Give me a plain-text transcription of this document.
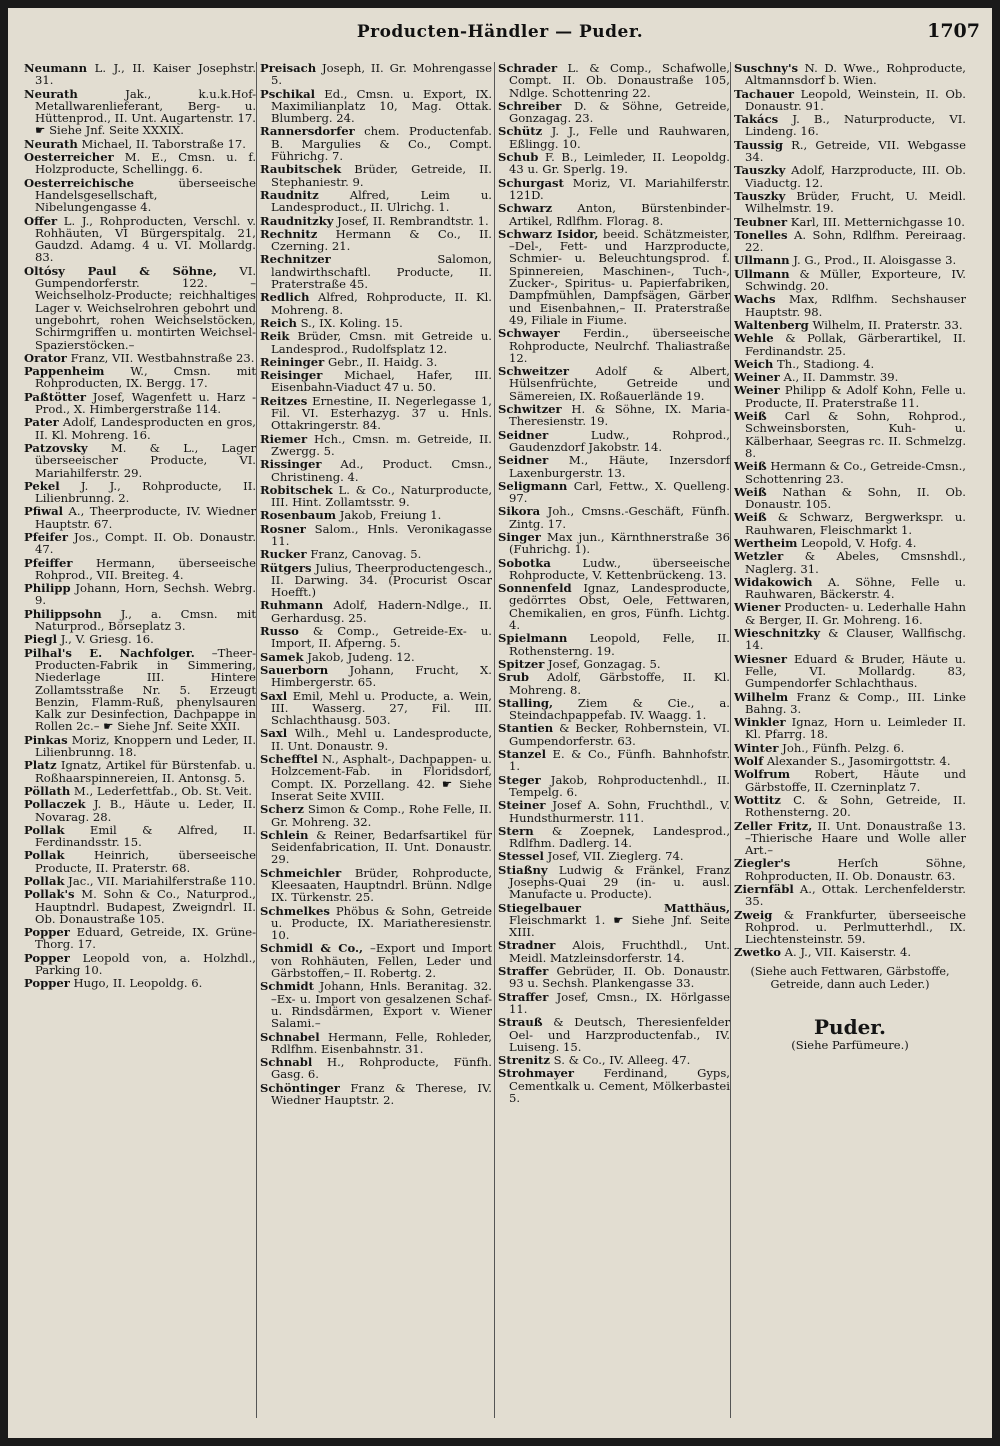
Producten-Händler — Puder.	1707

Neumann L. J., II. Kaiser Josephstr. 31.

Neurath Jak., k.u.k.Hof-Metallwarenlieferant, Berg- u. Hüttenprod., II. Unt. Augartenstr. 17. ☛ Siehe Jnf. Seite XXXIX.

Neurath Michael, II. Taborstraße 17.

Oesterreicher M. E., Cmsn. u. f. Holzproducte, Schellingg. 6.

Oesterreichische überseeische Handelsgesellschaft, Nibelungengasse 4.

Offer L. J., Rohproducten, Verschl. v. Rohhäuten, VI Bürgerspitalg. 21, Gaudzd. Adamg. 4 u. VI. Mollardg. 83.

Oltósy Paul & Söhne, VI. Gumpendorferstr. 122. –Weichselholz-Producte; reichhaltiges Lager v. Weichselrohren gebohrt und ungebohrt, rohen Weichselstöcken, Schirmgriffen u. montirten Weichsel-Spazierstöcken.–

Orator Franz, VII. Westbahnstraße 23.

Pappenheim W., Cmsn. mit Rohproducten, IX. Bergg. 17.

Paßtötter Josef, Wagenfett u. Harz - Prod., X. Himbergerstraße 114.

Pater Adolf, Landesproducten en gros, II. Kl. Mohreng. 16.

Patzovsky M. & L., Lager überseeischer Producte, VI. Mariahilferstr. 29.

Pekel J. J., Rohproducte, II. Lilienbrunng. 2.

Pfiwal A., Theerproducte, IV. Wiedner Hauptstr. 67.

Pfeifer Jos., Compt. II. Ob. Donaustr. 47.

Pfeiffer Hermann, überseeische Rohprod., VII. Breiteg. 4.

Philipp Johann, Horn, Sechsh. Webrg. 9.

Philippsohn J., a. Cmsn. mit Naturprod., Börseplatz 3.

Piegl J., V. Griesg. 16.

Pilhal's E. Nachfolger. –Theer-Producten-Fabrik in Simmering, Niederlage III. Hintere Zollamtsstraße Nr. 5. Erzeugt Benzin, Flamm-Ruß, phenylsauren Kalk zur Desinfection, Dachpappe in Rollen 2c.– ☛ Siehe Jnf. Seite XXII.

Pinkas Moriz, Knoppern und Leder, II. Lilienbrunng. 18.

Platz Ignatz, Artikel für Bürstenfab. u. Roßhaarspinnereien, II. Antonsg. 5.

Pöllath M., Lederfettfab., Ob. St. Veit.

Pollaczek J. B., Häute u. Leder, II. Novarag. 28.

Pollak Emil & Alfred, II. Ferdinandsstr. 15.

Pollak Heinrich, überseeische Producte, II. Praterstr. 68.

Pollak Jac., VII. Mariahilferstraße 110.

Pollak's M. Sohn & Co., Naturprod., Hauptndrl. Budapest, Zweigndrl. II. Ob. Donaustraße 105.

Popper Eduard, Getreide, IX. Grüne-Thorg. 17.

Popper Leopold von, a. Holzhdl., Parking 10.

Popper Hugo, II. Leopoldg. 6.

Preisach Joseph, II. Gr. Mohrengasse 5.

Pschikal Ed., Cmsn. u. Export, IX. Maximilianplatz 10, Mag. Ottak. Blumberg. 24.

Rannersdorfer chem. Productenfab. B. Margulies & Co., Compt. Führichg. 7.

Raubitschek Brüder, Getreide, II. Stephaniestr. 9.

Raudnitz Alfred, Leim u. Landesproduct., II. Ulrichg. 1.

Raudnitzky Josef, II. Rembrandtstr. 1.

Rechnitz Hermann & Co., II. Czerning. 21.

Rechnitzer Salomon, landwirthschaftl. Producte, II. Praterstraße 45.

Redlich Alfred, Rohproducte, II. Kl. Mohreng. 8.

Reich S., IX. Koling. 15.

Reik Brüder, Cmsn. mit Getreide u. Landesprod., Rudolfsplatz 12.

Reininger Gebr., II. Haidg. 3.

Reisinger Michael, Hafer, III. Eisenbahn-Viaduct 47 u. 50.

Reitzes Ernestine, II. Negerlegasse 1, Fil. VI. Esterhazyg. 37 u. Hnls. Ottakringerstr. 84.

Riemer Hch., Cmsn. m. Getreide, II. Zwergg. 5.

Rissinger Ad., Product. Cmsn., Christineng. 4.

Robitschek L. & Co., Naturproducte, III. Hint. Zollamtsstr. 9.

Rosenbaum Jakob, Freiung 1.

Rosner Salom., Hnls. Veronikagasse 11.

Rucker Franz, Canovag. 5.

Rütgers Julius, Theerproductengesch., II. Darwing. 34. (Procurist Oscar Hoefft.)

Ruhmann Adolf, Hadern-Ndlge., II. Gerhardusg. 25.

Russo & Comp., Getreide-Ex- u. Import, II. Afperng. 5.

Samek Jakob, Judeng. 12.

Sauerborn Johann, Frucht, X. Himbergerstr. 65.

Saxl Emil, Mehl u. Producte, a. Wein, III. Wasserg. 27, Fil. III. Schlachthausg. 503.

Saxl Wilh., Mehl u. Landesproducte, II. Unt. Donaustr. 9.

Schefftel N., Asphalt-, Dachpappen- u. Holzcement-Fab. in Floridsdorf, Compt. IX. Porzellang. 42. ☛ Siehe Inserat Seite XVIII.

Scherz Simon & Comp., Rohe Felle, II. Gr. Mohreng. 32.

Schlein & Reiner, Bedarfsartikel für Seidenfabrication, II. Unt. Donaustr. 29.

Schmeichler Brüder, Rohproducte, Kleesaaten, Hauptndrl. Brünn. Ndlge IX. Türkenstr. 25.

Schmelkes Phöbus & Sohn, Getreide u. Producte, IX. Mariatheresienstr. 10.

Schmidl & Co., –Export und Import von Rohhäuten, Fellen, Leder und Gärbstoffen,– II. Robertg. 2.

Schmidt Johann, Hnls. Beranitag. 32. –Ex- u. Import von gesalzenen Schaf- u. Rindsdärmen, Export v. Wiener Salami.–

Schnabel Hermann, Felle, Rohleder, Rdlfhm. Eisenbahnstr. 31.

Schnabl H., Rohproducte, Fünfh. Gasg. 6.

Schöntinger Franz & Therese, IV. Wiedner Hauptstr. 2.

Schrader L. & Comp., Schafwolle, Compt. II. Ob. Donaustraße 105, Ndlge. Schottenring 22.

Schreiber D. & Söhne, Getreide, Gonzagag. 23.

Schütz J. J., Felle und Rauhwaren, Eßlingg. 10.

Schub F. B., Leimleder, II. Leopoldg. 43 u. Gr. Sperlg. 19.

Schurgast Moriz, VI. Mariahilferstr. 121D.

Schwarz Anton, Bürstenbinder-Artikel, Rdlfhm. Florag. 8.

Schwarz Isidor, beeid. Schätzmeister, –Del-, Fett- und Harzproducte, Schmier- u. Beleuchtungsprod. f. Spinnereien, Maschinen-, Tuch-, Zucker-, Spiritus- u. Papierfabriken, Dampfmühlen, Dampfsägen, Gärber und Eisenbahnen,– II. Praterstraße 49, Filiale in Fiume.

Schwayer Ferdin., überseeische Rohproducte, Neulrchf. Thaliastraße 12.

Schweitzer Adolf & Albert, Hülsenfrüchte, Getreide und Sämereien, IX. Roßauerlände 19.

Schwitzer H. & Söhne, IX. Maria-Theresienstr. 19.

Seidner Ludw., Rohprod., Gaudenzdorf Jakobstr. 14.

Seidner M., Häute, Inzersdorf Laxenburgerstr. 13.

Seligmann Carl, Fettw., X. Quelleng. 97.

Sikora Joh., Cmsns.-Geschäft, Fünfh. Zintg. 17.

Singer Max jun., Kärnthnerstraße 36 (Fuhrichg. 1).

Sobotka Ludw., überseeische Rohproducte, V. Kettenbrückeng. 13.

Sonnenfeld Ignaz, Landesproducte, gedörrtes Obst, Oele, Fettwaren, Chemikalien, en gros, Fünfh. Lichtg. 4.

Spielmann Leopold, Felle, II. Rothensterng. 19.

Spitzer Josef, Gonzagag. 5.

Srub Adolf, Gärbstoffe, II. Kl. Mohreng. 8.

Stalling, Ziem & Cie., a. Steindachpappefab. IV. Waagg. 1.

Stantien & Becker, Rohbernstein, VI. Gumpendorferstr. 63.

Stanzel E. & Co., Fünfh. Bahnhofstr. 1.

Steger Jakob, Rohproductenhdl., II. Tempelg. 6.

Steiner Josef A. Sohn, Fruchthdl., V. Hundsthurmerstr. 111.

Stern & Zoepnek, Landesprod., Rdlfhm. Dadlerg. 14.

Stessel Josef, VII. Zieglerg. 74.

Stiaßny Ludwig & Fränkel, Franz Josephs-Quai 29 (in- u. ausl. Manufacte u. Producte).

Stiegelbauer Matthäus, Fleischmarkt 1. ☛ Siehe Jnf. Seite XIII.

Stradner Alois, Fruchthdl., Unt. Meidl. Matzleinsdorferstr. 14.

Straffer Gebrüder, II. Ob. Donaustr. 93 u. Sechsh. Plankengasse 33.

Straffer Josef, Cmsn., IX. Hörlgasse 11.

Strauß & Deutsch, Theresienfelder Oel- und Harzproductenfab., IV. Luiseng. 15.

Strenitz S. & Co., IV. Alleeg. 47.

Strohmayer Ferdinand, Gyps, Cementkalk u. Cement, Mölkerbastei 5.

Suschny's N. D. Wwe., Rohproducte, Altmannsdorf b. Wien.

Tachauer Leopold, Weinstein, II. Ob. Donaustr. 91.

Takács J. B., Naturproducte, VI. Lindeng. 16.

Taussig R., Getreide, VII. Webgasse 34.

Tauszky Adolf, Harzproducte, III. Ob. Viaductg. 12.

Tauszky Brüder, Frucht, U. Meidl. Wilhelmstr. 19.

Teubner Karl, III. Metternichgasse 10.

Tonelles A. Sohn, Rdlfhm. Pereiraag. 22.

Ullmann J. G., Prod., II. Aloisgasse 3.

Ullmann & Müller, Exporteure, IV. Schwindg. 20.

Wachs Max, Rdlfhm. Sechshauser Hauptstr. 98.

Waltenberg Wilhelm, II. Praterstr. 33.

Wehle & Pollak, Gärberartikel, II. Ferdinandstr. 25.

Weich Th., Stadiong. 4.

Weiner A., II. Dammstr. 39.

Weiner Philipp & Adolf Kohn, Felle u. Producte, II. Praterstraße 11.

Weiß Carl & Sohn, Rohprod., Schweinsborsten, Kuh- u. Kälberhaar, Seegras rc. II. Schmelzg. 8.

Weiß Hermann & Co., Getreide-Cmsn., Schottenring 23.

Weiß Nathan & Sohn, II. Ob. Donaustr. 105.

Weiß & Schwarz, Bergwerkspr. u. Rauhwaren, Fleischmarkt 1.

Wertheim Leopold, V. Hofg. 4.

Wetzler & Abeles, Cmsnshdl., Naglerg. 31.

Widakowich A. Söhne, Felle u. Rauhwaren, Bäckerstr. 4.

Wiener Producten- u. Lederhalle Hahn & Berger, II. Gr. Mohreng. 16.

Wieschnitzky & Clauser, Wallfischg. 14.

Wiesner Eduard & Bruder, Häute u. Felle, VI. Mollardg. 83, Gumpendorfer Schlachthaus.

Wilhelm Franz & Comp., III. Linke Bahng. 3.

Winkler Ignaz, Horn u. Leimleder II. Kl. Pfarrg. 18.

Winter Joh., Fünfh. Pelzg. 6.

Wolf Alexander S., Jasomirgottstr. 4.

Wolfrum Robert, Häute und Gärbstoffe, II. Czerninplatz 7.

Wottitz C. & Sohn, Getreide, II. Rothensterng. 20.

Zeller Fritz, II. Unt. Donaustraße 13. –Thierische Haare und Wolle aller Art.–

Ziegler's Herſch Söhne, Rohproducten, II. Ob. Donaustr. 63.

Ziernfäbl A., Ottak. Lerchenfelderstr. 35.

Zweig & Frankfurter, überseeische Rohprod. u. Perlmutterhdl., IX. Liechtensteinstr. 59.

Zwetko A. J., VII. Kaiserstr. 4.

(Siehe auch Fettwaren, Gärbstoffe, Getreide, dann auch Leder.)
Puder.
(Siehe Parfümeure.)
